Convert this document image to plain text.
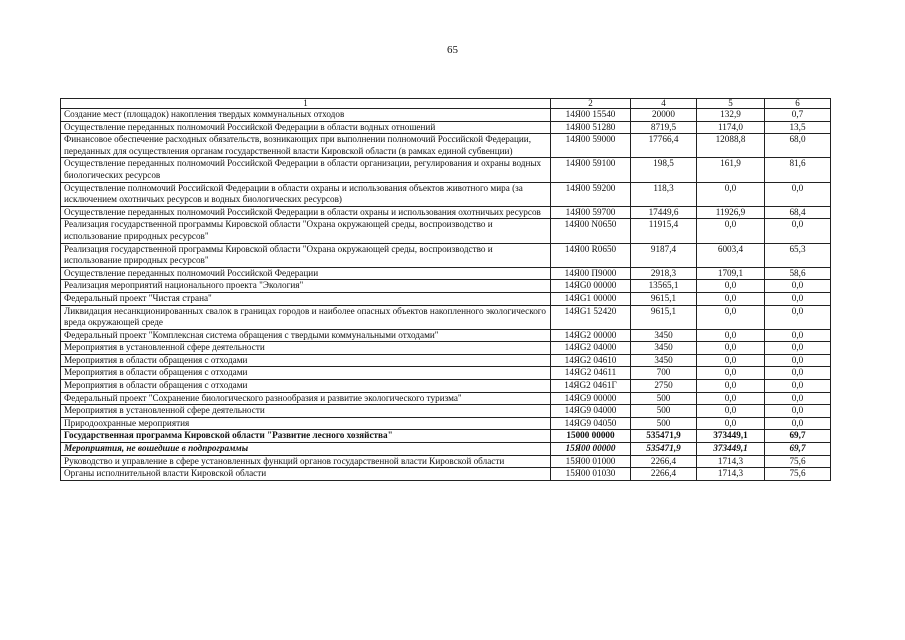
65
1	2	4	5	6
Создание мест (площадок) накопления твердых коммунальных отходов	14Я00 15540	20000	132,9	0,7
Осуществление переданных полномочий Российской Федерации в области водных отношений	14Я00 51280	8719,5	1174,0	13,5
Финансовое обеспечение расходных обязательств, возникающих при выполнении полномочий Российской Федерации, переданных для осуществления органам государственной власти Кировской области (в рамках единой субвенции)	14Я00 59000	17766,4	12088,8	68,0
Осуществление переданных полномочий Российской Федерации в области организации, регулирования и охраны водных биологических ресурсов	14Я00 59100	198,5	161,9	81,6
Осуществление полномочий Российской Федерации в области охраны и использования объектов животного мира (за исключением охотничьих ресурсов и водных биологических ресурсов)	14Я00 59200	118,3	0,0	0,0
Осуществление переданных полномочий Российской Федерации в области охраны и использования охотничьих ресурсов	14Я00 59700	17449,6	11926,9	68,4
Реализация государственной программы Кировской области "Охрана окружающей среды, воспроизводство и использование природных ресурсов"	14Я00 N0650	11915,4	0,0	0,0
Реализация государственной программы Кировской области "Охрана окружающей среды, воспроизводство и использование природных ресурсов"	14Я00 R0650	9187,4	6003,4	65,3
Осуществление переданных полномочий Российской Федерации	14Я00 П9000	2918,3	1709,1	58,6
Реализация мероприятий национального проекта "Экология"	14ЯG0 00000	13565,1	0,0	0,0
Федеральный проект "Чистая страна"	14ЯG1 00000	9615,1	0,0	0,0
Ликвидация несанкционированных свалок в границах городов и наиболее опасных объектов накопленного экологического вреда окружающей среде	14ЯG1 52420	9615,1	0,0	0,0
Федеральный проект "Комплексная система обращения с твердыми коммунальными отходами"	14ЯG2 00000	3450	0,0	0,0
Мероприятия в установленной сфере деятельности	14ЯG2 04000	3450	0,0	0,0
Мероприятия в области обращения с отходами	14ЯG2 04610	3450	0,0	0,0
Мероприятия в области обращения с отходами	14ЯG2 04611	700	0,0	0,0
Мероприятия в области обращения с отходами	14ЯG2 0461Г	2750	0,0	0,0
Федеральный проект "Сохранение биологического разнообразия и развитие экологического туризма"	14ЯG9 00000	500	0,0	0,0
Мероприятия в установленной сфере деятельности	14ЯG9 04000	500	0,0	0,0
Природоохранные мероприятия	14ЯG9 04050	500	0,0	0,0
Государственная программа Кировской области "Развитие лесного хозяйства"	15000 00000	535471,9	373449,1	69,7
Мероприятия, не вошедшие в подпрограммы	15Я00 00000	535471,9	373449,1	69,7
Руководство и управление в сфере установленных функций органов государственной власти Кировской области	15Я00 01000	2266,4	1714,3	75,6
Органы исполнительной власти Кировской области	15Я00 01030	2266,4	1714,3	75,6
